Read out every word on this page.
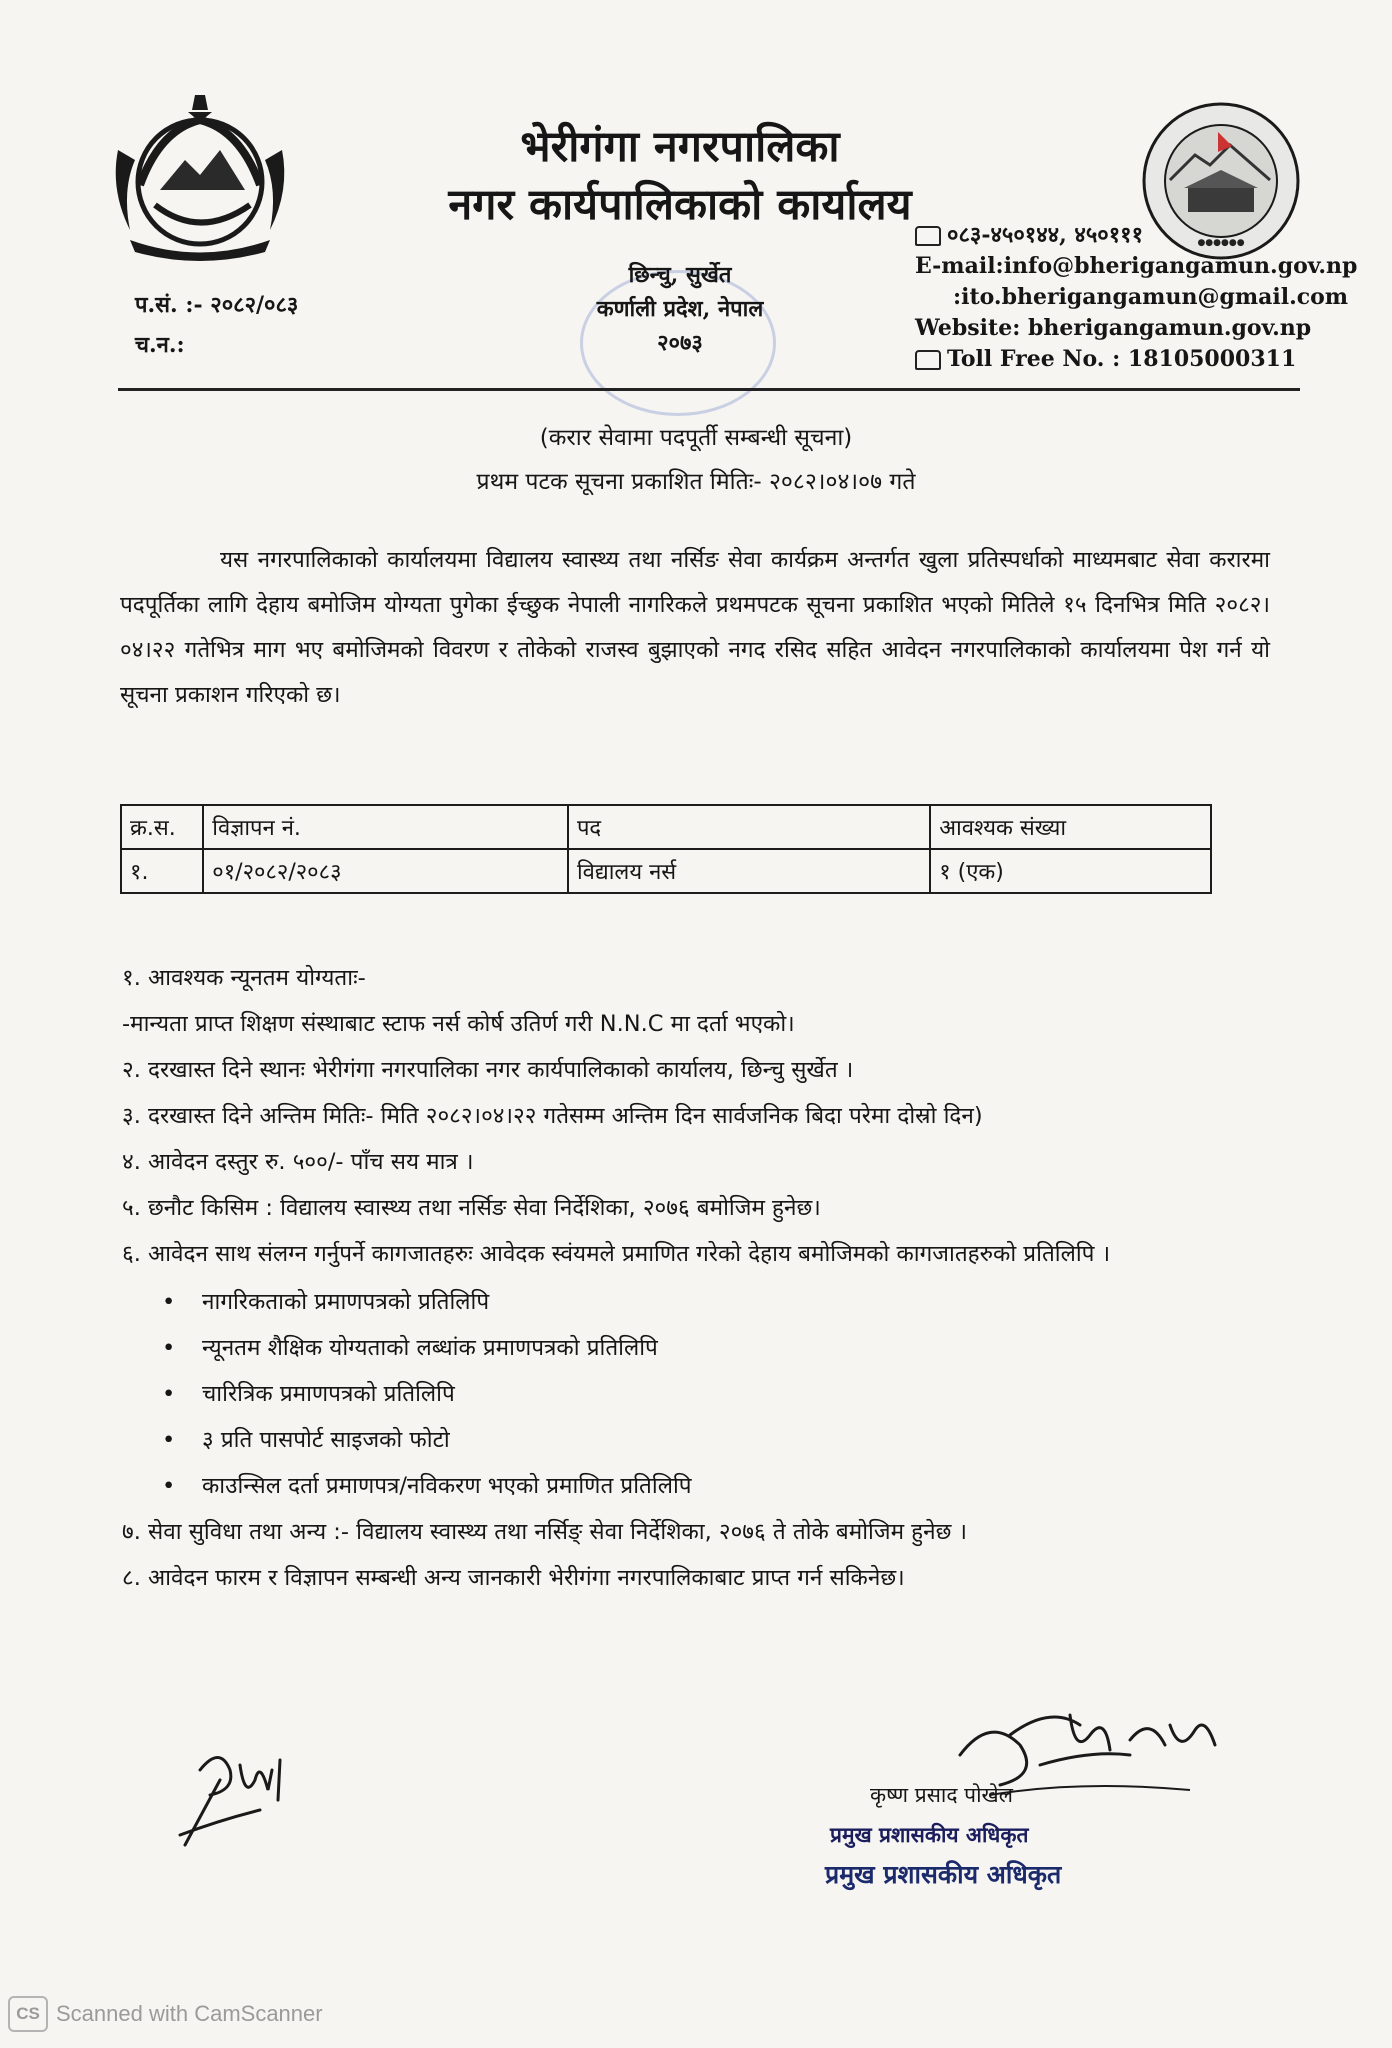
●●●●●●
भेरीगंगा नगरपालिका
नगर कार्यपालिकाको कार्यालय
छिन्चु, सुर्खेत
कर्णाली प्रदेश, नेपाल
२०७३
प.सं. :- २०८२/०८३
च.न.:
०८३-४५०१४४, ४५०१११
E-mail:info@bherigangamun.gov.np
:ito.bherigangamun@gmail.com
Website: bherigangamun.gov.np
Toll Free No. : 18105000311
(करार सेवामा पदपूर्ती सम्बन्धी सूचना)
प्रथम पटक सूचना प्रकाशित मितिः- २०८२।०४।०७ गते
यस नगरपालिकाको कार्यालयमा विद्यालय स्वास्थ्य तथा नर्सिङ सेवा कार्यक्रम अन्तर्गत खुला प्रतिस्पर्धाको माध्यमबाट सेवा करारमा पदपूर्तिका लागि देहाय बमोजिम योग्यता पुगेका ईच्छुक नेपाली नागरिकले प्रथमपटक सूचना प्रकाशित भएको मितिले १५ दिनभित्र मिति २०८२।०४।२२ गतेभित्र माग भए बमोजिमको विवरण र तोकेको राजस्व बुझाएको नगद रसिद सहित आवेदन नगरपालिकाको कार्यालयमा पेश गर्न यो सूचना प्रकाशन गरिएको छ।
क्र.स.	विज्ञापन नं.	पद	आवश्यक संख्या
१.	०१/२०८२/२०८३	विद्यालय नर्स	१ (एक)
१. आवश्यक न्यूनतम योग्यताः-
-मान्यता प्राप्त शिक्षण संस्थाबाट स्टाफ नर्स कोर्ष उतिर्ण गरी N.N.C मा दर्ता भएको।
२. दरखास्त दिने स्थानः भेरीगंगा नगरपालिका नगर कार्यपालिकाको कार्यालय, छिन्चु सुर्खेत ।
३. दरखास्त दिने अन्तिम मितिः- मिति २०८२।०४।२२ गतेसम्म अन्तिम दिन सार्वजनिक बिदा परेमा दोस्रो दिन)
४. आवेदन दस्तुर रु. ५००/- पाँच सय मात्र ।
५. छनौट किसिम : विद्यालय स्वास्थ्य तथा नर्सिङ सेवा निर्देशिका, २०७६ बमोजिम हुनेछ।
६. आवेदन साथ संलग्न गर्नुपर्ने कागजातहरुः आवेदक स्वंयमले प्रमाणित गरेको देहाय बमोजिमको कागजातहरुको प्रतिलिपि ।
• नागरिकताको प्रमाणपत्रको प्रतिलिपि
• न्यूनतम शैक्षिक योग्यताको लब्धांक प्रमाणपत्रको प्रतिलिपि
• चारित्रिक प्रमाणपत्रको प्रतिलिपि
• ३ प्रति पासपोर्ट साइजको फोटो
• काउन्सिल दर्ता प्रमाणपत्र/नविकरण भएको प्रमाणित प्रतिलिपि
७. सेवा सुविधा तथा अन्य :- विद्यालय स्वास्थ्य तथा नर्सिङ् सेवा निर्देशिका, २०७६ ते तोके बमोजिम हुनेछ ।
८. आवेदन फारम र विज्ञापन सम्बन्धी अन्य जानकारी भेरीगंगा नगरपालिकाबाट प्राप्त गर्न सकिनेछ।
कृष्ण प्रसाद पोखेल
प्रमुख प्रशासकीय अधिकृत
प्रमुख प्रशासकीय अधिकृत
CS Scanned with CamScanner
